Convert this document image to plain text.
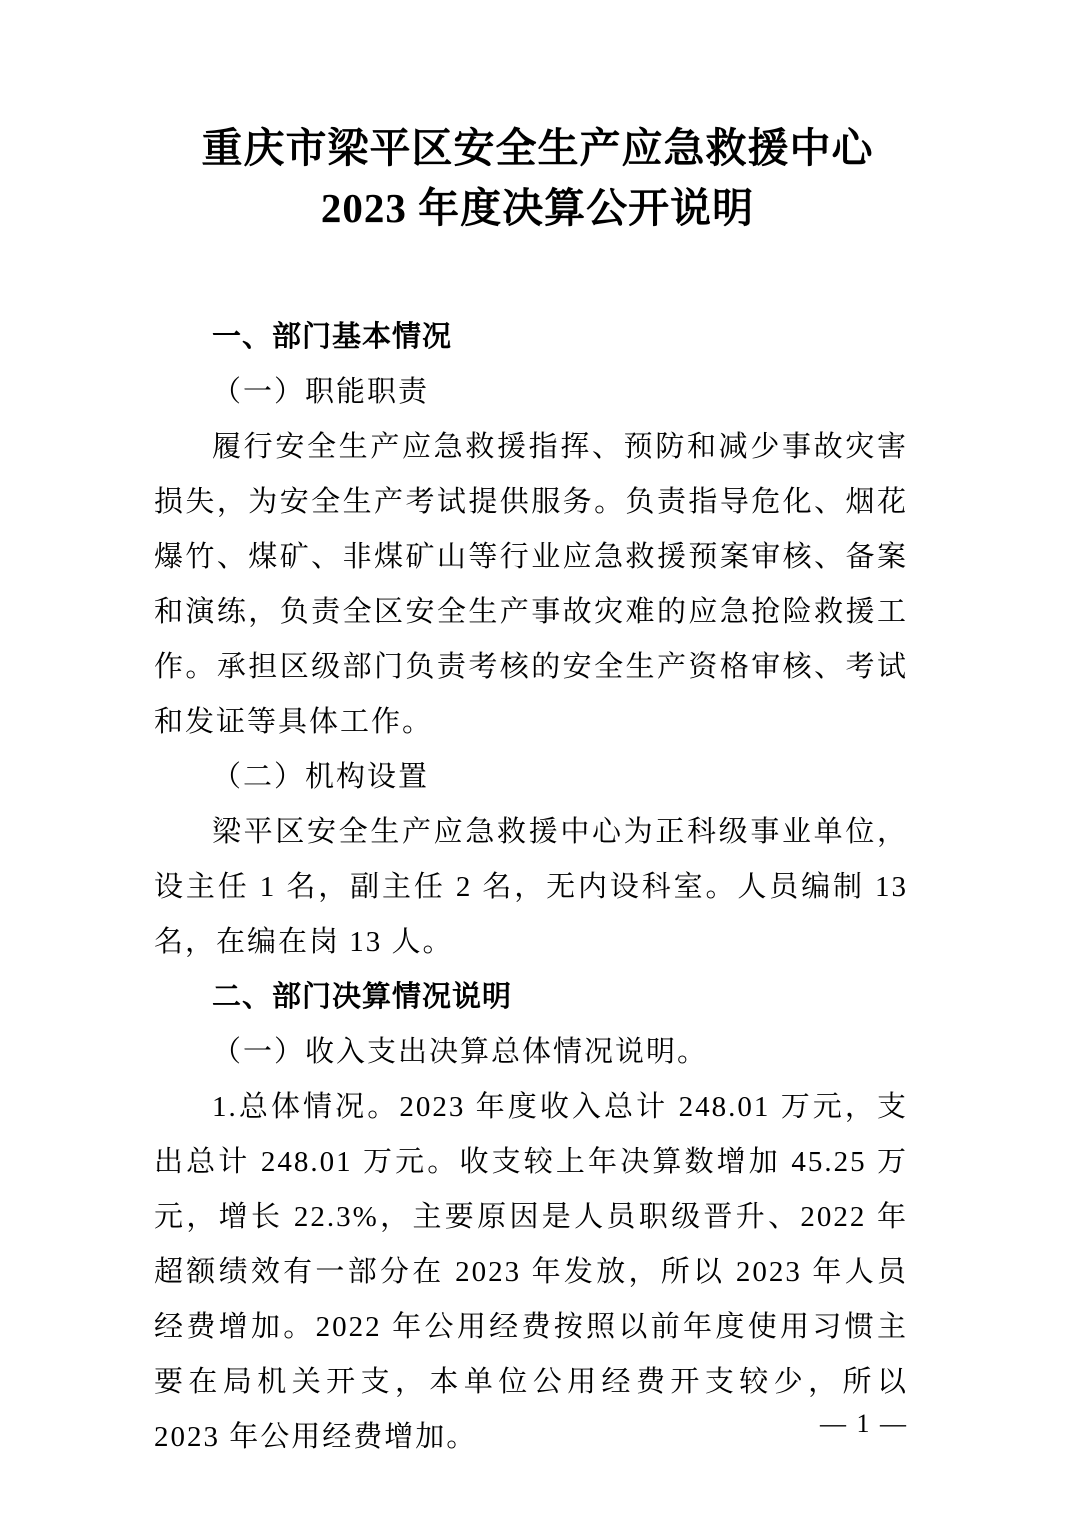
重庆市梁平区安全生产应急救援中心
2023 年度决算公开说明
一、部门基本情况
（一）职能职责

履行安全生产应急救援指挥、预防和减少事故灾害损失，为安全生产考试提供服务。负责指导危化、烟花爆竹、煤矿、非煤矿山等行业应急救援预案审核、备案和演练，负责全区安全生产事故灾难的应急抢险救援工作。承担区级部门负责考核的安全生产资格审核、考试和发证等具体工作。

（二）机构设置

梁平区安全生产应急救援中心为正科级事业单位，设主任 1 名，副主任 2 名，无内设科室。人员编制 13 名，在编在岗 13 人。

二、部门决算情况说明
（一）收入支出决算总体情况说明。

1.总体情况。2023 年度收入总计 248.01 万元，支出总计 248.01 万元。收支较上年决算数增加 45.25 万元，增长 22.3%，主要原因是人员职级晋升、2022 年超额绩效有一部分在 2023 年发放，所以 2023 年人员经费增加。2022 年公用经费按照以前年度使用习惯主要在局机关开支，本单位公用经费开支较少，所以 2023 年公用经费增加。	— 1 —
